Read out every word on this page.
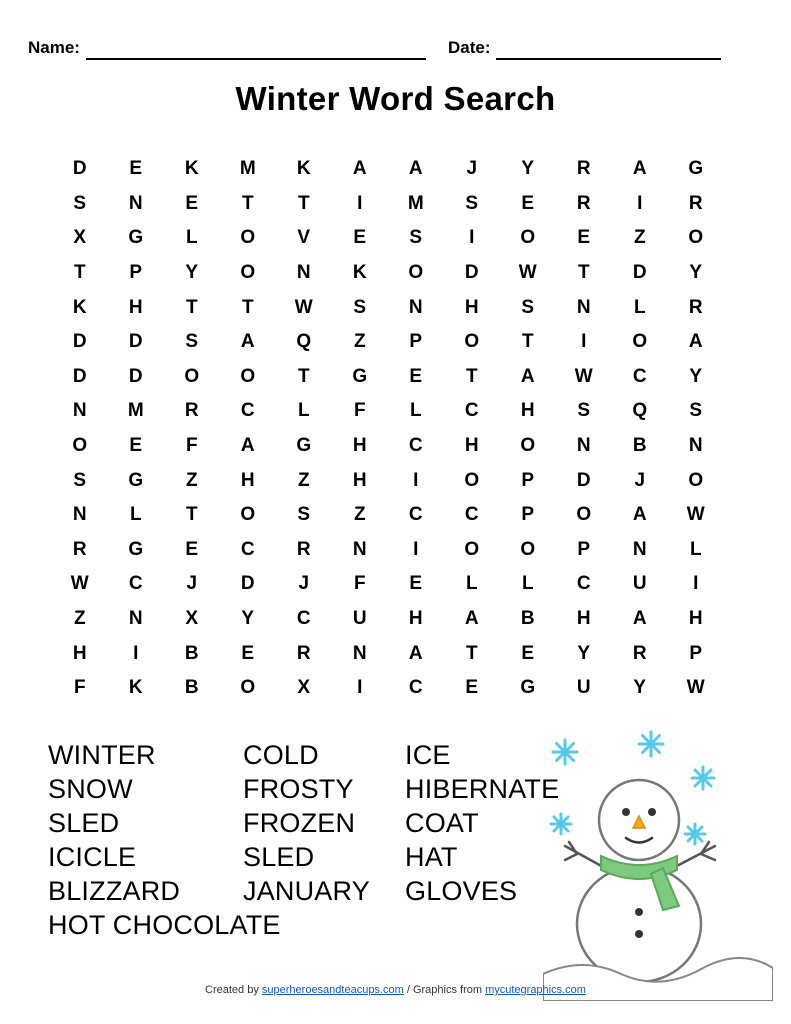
Name:	Date:
Winter Word Search
D	E	K	M	K	A	A	J	Y	R	A	G
S	N	E	T	T	I	M	S	E	R	I	R
X	G	L	O	V	E	S	I	O	E	Z	O
T	P	Y	O	N	K	O	D	W	T	D	Y
K	H	T	T	W	S	N	H	S	N	L	R
D	D	S	A	Q	Z	P	O	T	I	O	A
D	D	O	O	T	G	E	T	A	W	C	Y
N	M	R	C	L	F	L	C	H	S	Q	S
O	E	F	A	G	H	C	H	O	N	B	N
S	G	Z	H	Z	H	I	O	P	D	J	O
N	L	T	O	S	Z	C	C	P	O	A	W
R	G	E	C	R	N	I	O	O	P	N	L
W	C	J	D	J	F	E	L	L	C	U	I
Z	N	X	Y	C	U	H	A	B	H	A	H
H	I	B	E	R	N	A	T	E	Y	R	P
F	K	B	O	X	I	C	E	G	U	Y	W
WINTER
SNOW
SLED
ICICLE
BLIZZARD
HOT CHOCOLATE
COLD
FROSTY
FROZEN
SLED
JANUARY
ICE
HIBERNATE
COAT
HAT
GLOVES
Created by superheroesandteacups.com / Graphics from mycutegraphics.com
